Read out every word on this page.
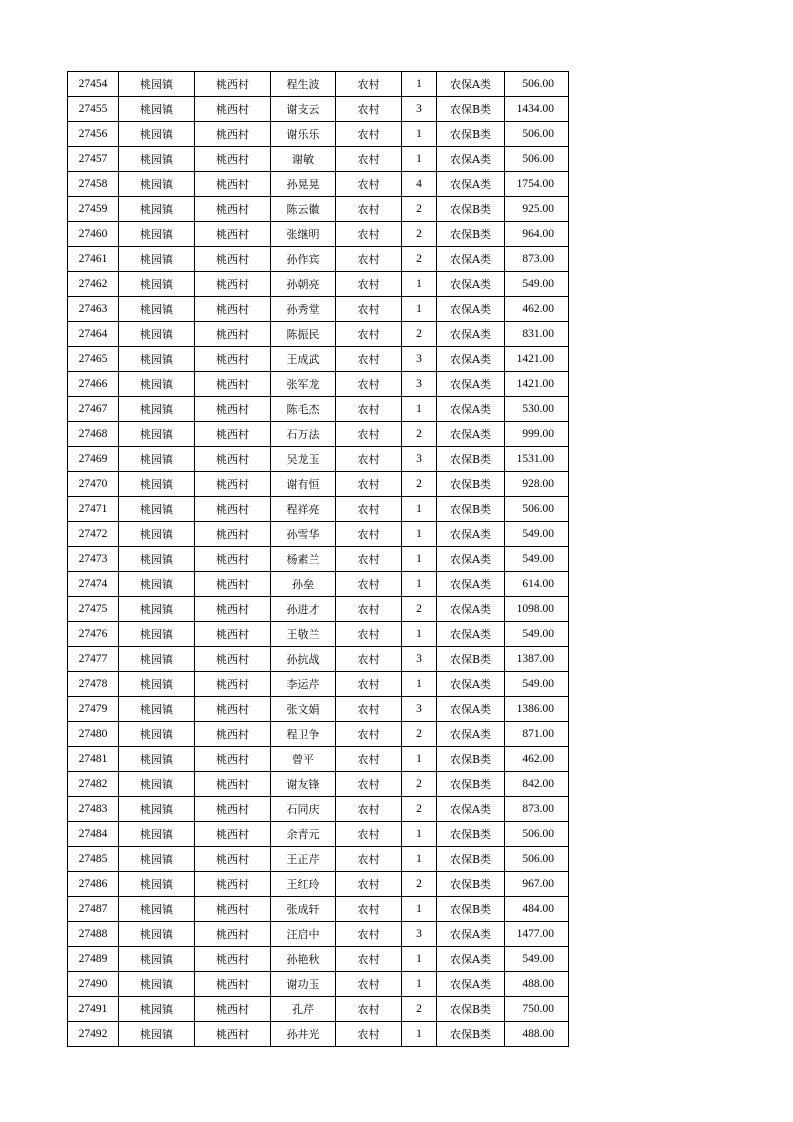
27454	桃园镇	桃西村	程生波	农村	1	农保A类	506.00
27455	桃园镇	桃西村	谢支云	农村	3	农保B类	1434.00
27456	桃园镇	桃西村	谢乐乐	农村	1	农保B类	506.00
27457	桃园镇	桃西村	谢敏	农村	1	农保A类	506.00
27458	桃园镇	桃西村	孙晃晃	农村	4	农保A类	1754.00
27459	桃园镇	桃西村	陈云徽	农村	2	农保B类	925.00
27460	桃园镇	桃西村	张继明	农村	2	农保B类	964.00
27461	桃园镇	桃西村	孙作宾	农村	2	农保A类	873.00
27462	桃园镇	桃西村	孙朝亮	农村	1	农保A类	549.00
27463	桃园镇	桃西村	孙秀堂	农村	1	农保A类	462.00
27464	桃园镇	桃西村	陈振民	农村	2	农保A类	831.00
27465	桃园镇	桃西村	王成武	农村	3	农保A类	1421.00
27466	桃园镇	桃西村	张军龙	农村	3	农保A类	1421.00
27467	桃园镇	桃西村	陈毛杰	农村	1	农保A类	530.00
27468	桃园镇	桃西村	石万法	农村	2	农保A类	999.00
27469	桃园镇	桃西村	吴龙玉	农村	3	农保B类	1531.00
27470	桃园镇	桃西村	谢有恒	农村	2	农保B类	928.00
27471	桃园镇	桃西村	程祥亮	农村	1	农保B类	506.00
27472	桃园镇	桃西村	孙雪华	农村	1	农保A类	549.00
27473	桃园镇	桃西村	杨素兰	农村	1	农保A类	549.00
27474	桃园镇	桃西村	孙垒	农村	1	农保A类	614.00
27475	桃园镇	桃西村	孙进才	农村	2	农保A类	1098.00
27476	桃园镇	桃西村	王敬兰	农村	1	农保A类	549.00
27477	桃园镇	桃西村	孙抗战	农村	3	农保B类	1387.00
27478	桃园镇	桃西村	李运芹	农村	1	农保A类	549.00
27479	桃园镇	桃西村	张文娟	农村	3	农保A类	1386.00
27480	桃园镇	桃西村	程卫争	农村	2	农保A类	871.00
27481	桃园镇	桃西村	曾平	农村	1	农保B类	462.00
27482	桃园镇	桃西村	谢友锋	农村	2	农保B类	842.00
27483	桃园镇	桃西村	石同庆	农村	2	农保A类	873.00
27484	桃园镇	桃西村	余青元	农村	1	农保B类	506.00
27485	桃园镇	桃西村	王正芹	农村	1	农保B类	506.00
27486	桃园镇	桃西村	王红玲	农村	2	农保B类	967.00
27487	桃园镇	桃西村	张成轩	农村	1	农保B类	484.00
27488	桃园镇	桃西村	汪启中	农村	3	农保A类	1477.00
27489	桃园镇	桃西村	孙艳秋	农村	1	农保A类	549.00
27490	桃园镇	桃西村	谢功玉	农村	1	农保A类	488.00
27491	桃园镇	桃西村	孔芹	农村	2	农保B类	750.00
27492	桃园镇	桃西村	孙井光	农村	1	农保B类	488.00
